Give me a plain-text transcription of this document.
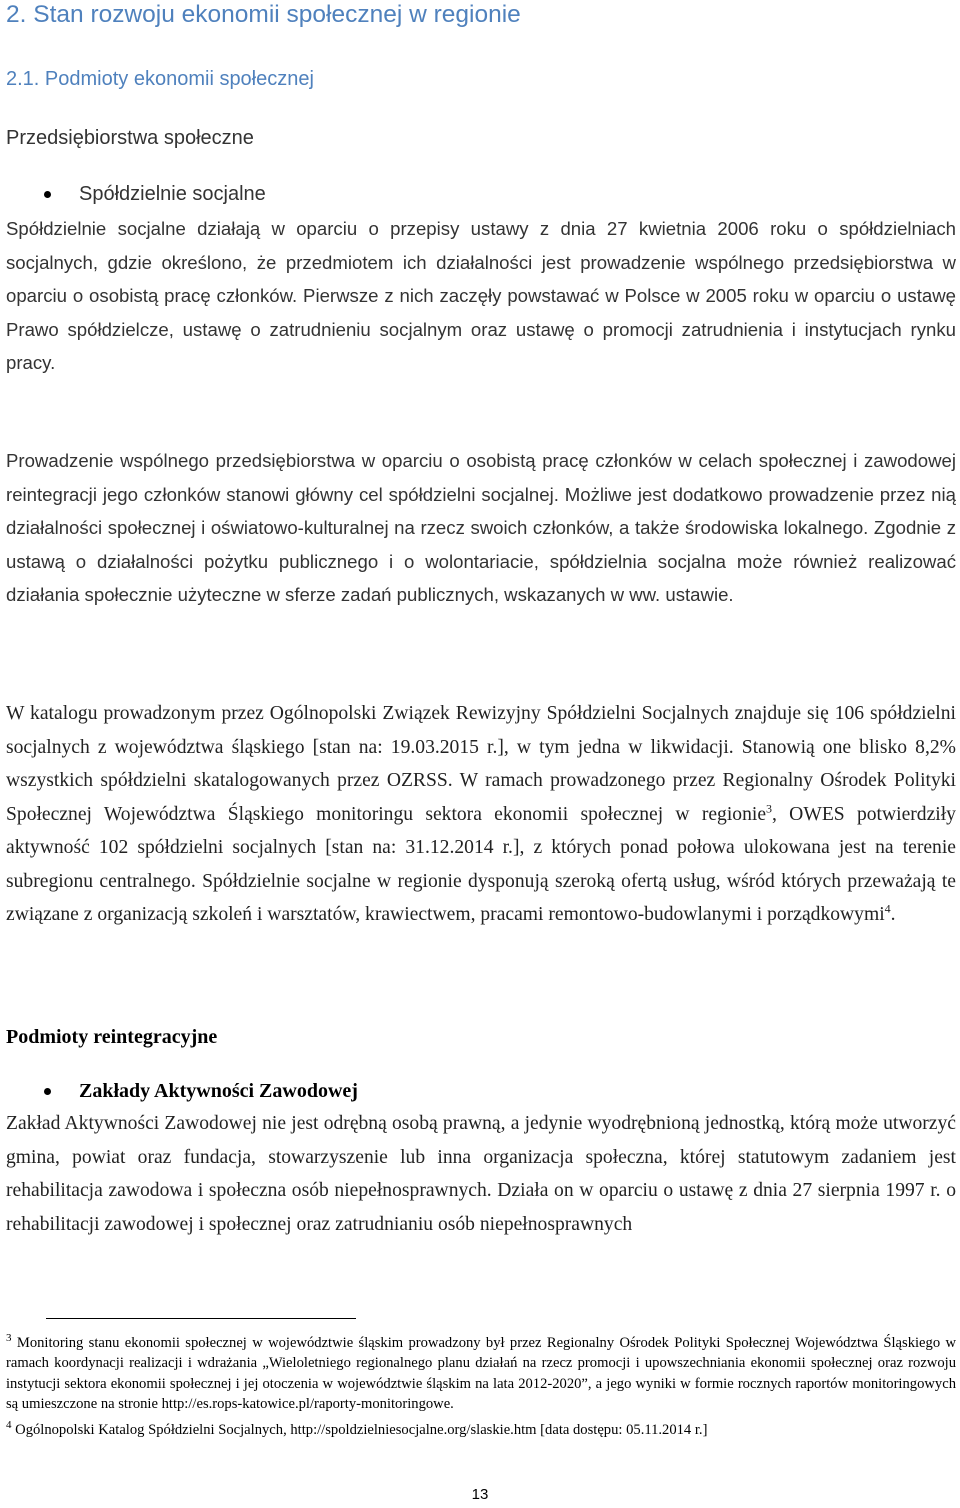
2. Stan rozwoju ekonomii społecznej w regionie
2.1. Podmioty ekonomii społecznej
Przedsiębiorstwa społeczne
Spółdzielnie socjalne

Spółdzielnie socjalne działają w oparciu o przepisy ustawy z dnia 27 kwietnia 2006 roku o spółdzielniach socjalnych, gdzie określono, że przedmiotem ich działalności jest prowadzenie wspólnego przedsiębiorstwa w oparciu o osobistą pracę członków. Pierwsze z nich zaczęły powstawać w Polsce w 2005 roku w oparciu o ustawę Prawo spółdzielcze, ustawę o zatrudnieniu socjalnym oraz ustawę o promocji zatrudnienia i instytucjach rynku pracy.

Prowadzenie wspólnego przedsiębiorstwa w oparciu o osobistą pracę członków w celach społecznej i zawodowej reintegracji jego członków stanowi główny cel spółdzielni socjalnej. Możliwe jest dodatkowo prowadzenie przez nią działalności społecznej i oświatowo-kulturalnej na rzecz swoich członków, a także środowiska lokalnego. Zgodnie z ustawą o działalności pożytku publicznego i o wolontariacie, spółdzielnia socjalna może również realizować działania społecznie użyteczne w sferze zadań publicznych, wskazanych w ww. ustawie.

W katalogu prowadzonym przez Ogólnopolski Związek Rewizyjny Spółdzielni Socjalnych znajduje się 106 spółdzielni socjalnych z województwa śląskiego [stan na: 19.03.2015 r.], w tym jedna w likwidacji. Stanowią one blisko 8,2% wszystkich spółdzielni skatalogowanych przez OZRSS. W ramach prowadzonego przez Regionalny Ośrodek Polityki Społecznej Województwa Śląskiego monitoringu sektora ekonomii społecznej w regionie$^3$, OWES potwierdziły aktywność 102 spółdzielni socjalnych [stan na: 31.12.2014 r.], z których ponad połowa ulokowana jest na terenie subregionu centralnego. Spółdzielnie socjalne w regionie dysponują szeroką ofertą usług, wśród których przeważają te związane z organizacją szkoleń i warsztatów, krawiectwem, pracami remontowo-budowlanymi i porządkowymi$^4$.

Podmioty reintegracyjne
Zakłady Aktywności Zawodowej

Zakład Aktywności Zawodowej nie jest odrębną osobą prawną, a jedynie wyodrębnioną jednostką, którą może utworzyć gmina, powiat oraz fundacja, stowarzyszenie lub inna organizacja społeczna, której statutowym zadaniem jest rehabilitacja zawodowa i społeczna osób niepełnosprawnych. Działa on w oparciu o ustawę z dnia 27 sierpnia 1997 r. o rehabilitacji zawodowej i społecznej oraz zatrudnianiu osób niepełnosprawnych

$^3$ Monitoring stanu ekonomii społecznej w województwie śląskim prowadzony był przez Regionalny Ośrodek Polityki Społecznej Województwa Śląskiego w ramach koordynacji realizacji i wdrażania „Wieloletniego regionalnego planu działań na rzecz promocji i upowszechniania ekonomii społecznej oraz rozwoju instytucji sektora ekonomii społecznej i jej otoczenia w województwie śląskim na lata 2012-2020”, a jego wyniki w formie rocznych raportów monitoringowych są umieszczone na stronie http://es.rops-katowice.pl/raporty-monitoringowe.

$^4$ Ogólnopolski Katalog Spółdzielni Socjalnych, http://spoldzielniesocjalne.org/slaskie.htm [data dostępu: 05.11.2014 r.]

13
